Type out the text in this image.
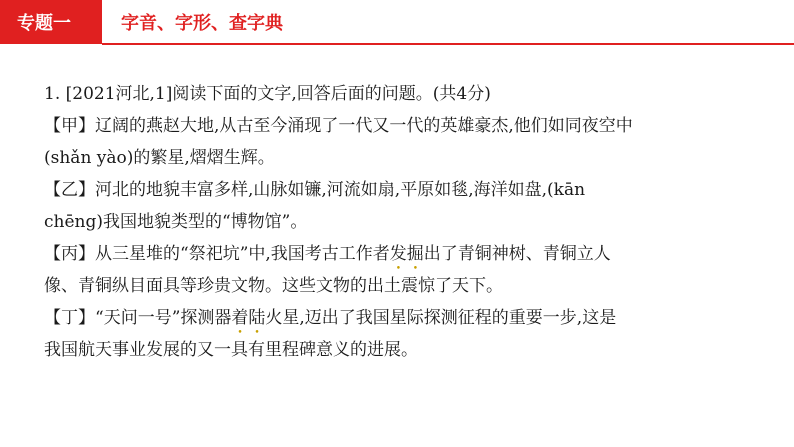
专题一	字音、字形、查字典
1. [2021河北,1]阅读下面的文字,回答后面的问题。(共4分)
【甲】辽阔的燕赵大地,从古至今涌现了一代又一代的英雄豪杰,他们如同夜空中
(shǎn yào)的繁星,熠熠生辉。
【乙】河北的地貌丰富多样,山脉如镰,河流如扇,平原如毯,海洋如盘,(kān
chēng)我国地貌类型的“博物馆”。
【丙】从三星堆的“祭祀坑”中,我国考古工作者发掘出了青铜神树、青铜立人
像、青铜纵目面具等珍贵文物。这些文物的出土震惊了天下。
【丁】“天问一号”探测器着陆火星,迈出了我国星际探测征程的重要一步,这是
我国航天事业发展的又一具有里程碑意义的进展。
